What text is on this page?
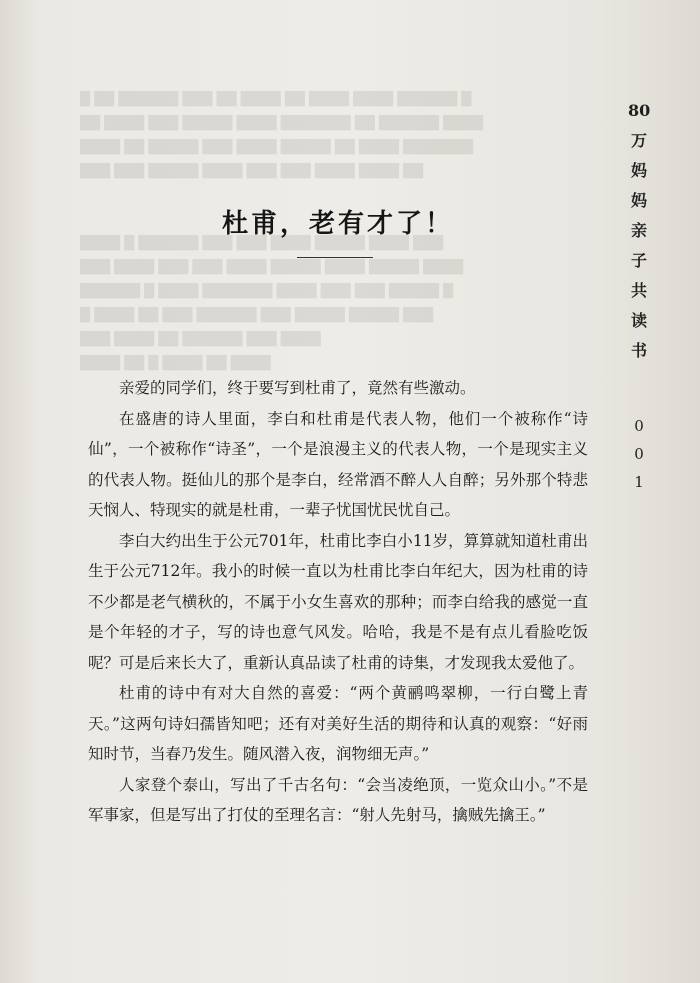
█ ██ ██████ ███ ██ ████ ██ ████ ████ ██████ █
██ ████ ███ █████ ████ ███████ ██ ██████ ████
████ ██ █████ ███ ████ █████ ██ ████ ███████
███ ███ █████ ████ ███ ███ ████ ████ ██
████ █ ██████ ███ ███ ████ █████ ████ ███
███ ████ ███ ███ ████ █████ ████ █████ ████
██████ █ ████ ███████ ████ ███ ███ █████ █
█ ████ ██ ███ ██████ ███ █████ █████ ███
███ ████ ██ ██████ ███ ████
████ ██ █ ████ ██ ████
杜甫，老有才了！

亲爱的同学们，终于要写到杜甫了，竟然有些激动。

在盛唐的诗人里面，李白和杜甫是代表人物，他们一个被称作“诗仙”，一个被称作“诗圣”，一个是浪漫主义的代表人物，一个是现实主义的代表人物。挺仙儿的那个是李白，经常酒不醉人人自醉；另外那个特悲天悯人、特现实的就是杜甫，一辈子忧国忧民忧自己。

李白大约出生于公元701年，杜甫比李白小11岁，算算就知道杜甫出生于公元712年。我小的时候一直以为杜甫比李白年纪大，因为杜甫的诗不少都是老气横秋的，不属于小女生喜欢的那种；而李白给我的感觉一直是个年轻的才子，写的诗也意气风发。哈哈，我是不是有点儿看脸吃饭呢？可是后来长大了，重新认真品读了杜甫的诗集，才发现我太爱他了。

杜甫的诗中有对大自然的喜爱：“两个黄鹂鸣翠柳，一行白鹭上青天。”这两句诗妇孺皆知吧；还有对美好生活的期待和认真的观察：“好雨知时节，当春乃发生。随风潜入夜，润物细无声。”

人家登个泰山，写出了千古名句：“会当凌绝顶，一览众山小。”不是军事家，但是写出了打仗的至理名言：“射人先射马，擒贼先擒王。”

80
万
妈
妈
亲
子
共
读
书
0
0
1
